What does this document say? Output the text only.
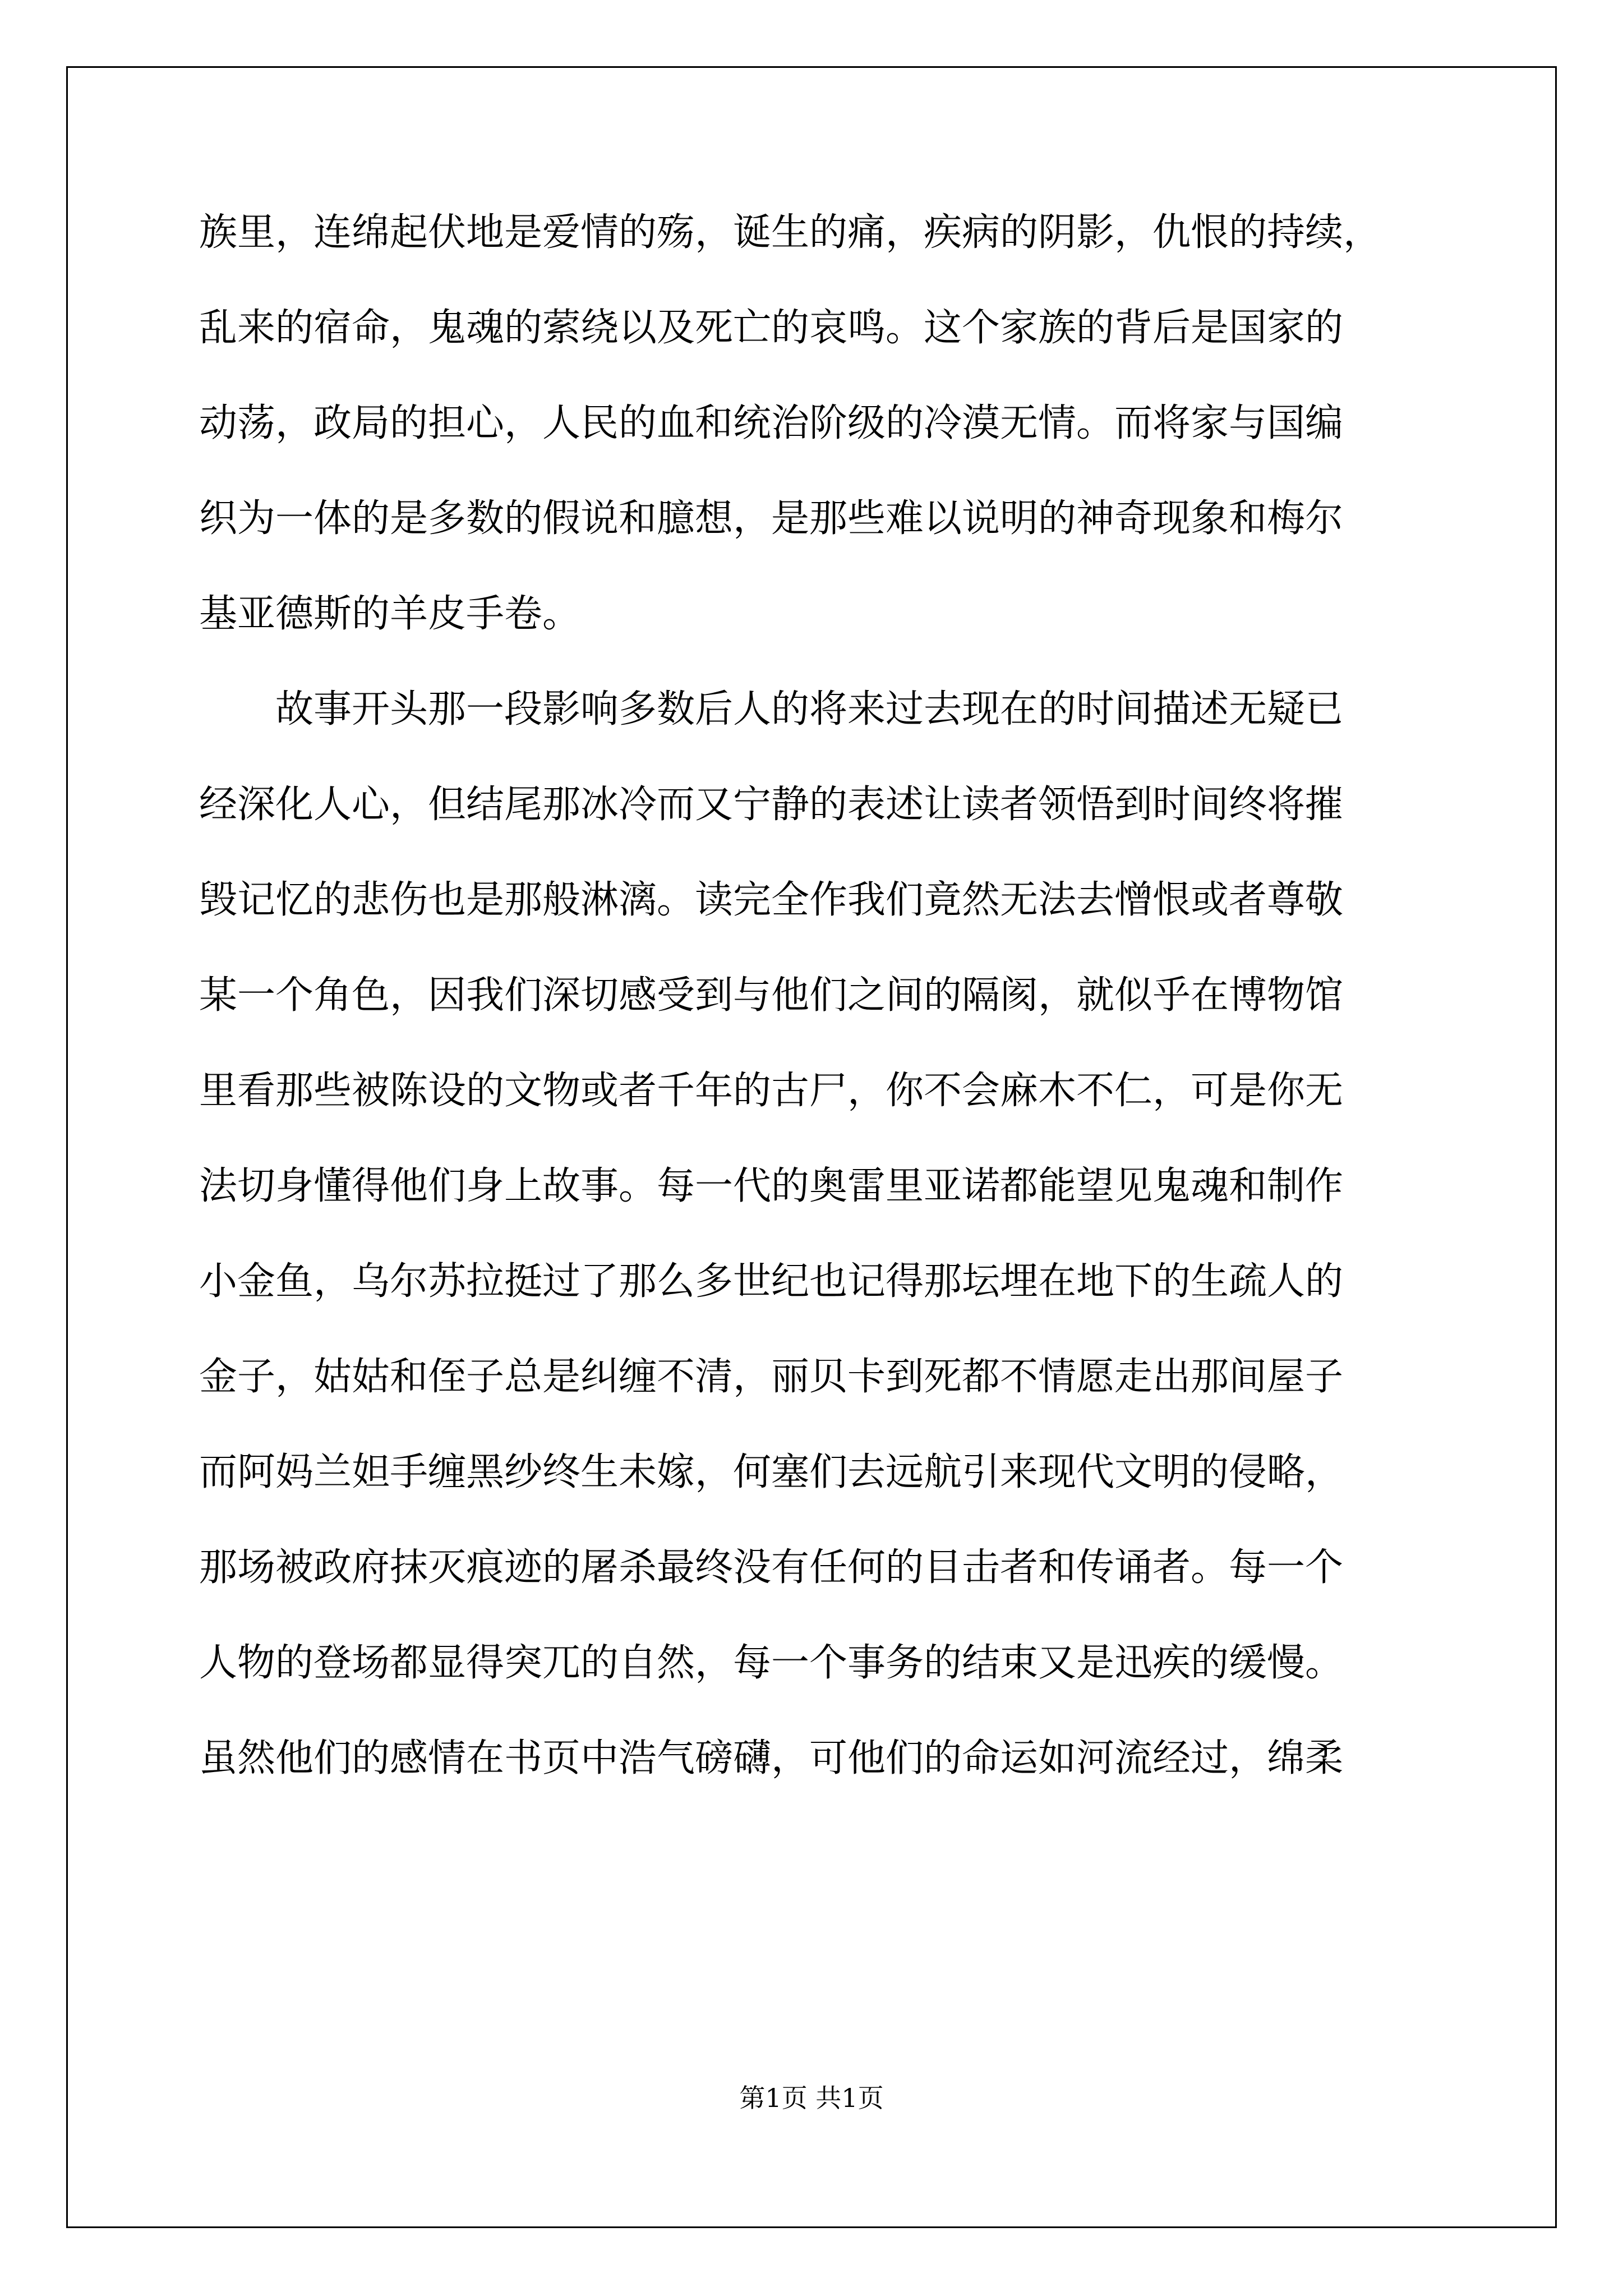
族里，连绵起伏地是爱情的殇，诞生的痛，疾病的阴影，仇恨的持续，
乱来的宿命，鬼魂的萦绕以及死亡的哀鸣。这个家族的背后是国家的
动荡，政局的担心，人民的血和统治阶级的冷漠无情。而将家与国编
织为一体的是多数的假说和臆想，是那些难以说明的神奇现象和梅尔
基亚德斯的羊皮手卷。
故事开头那一段影响多数后人的将来过去现在的时间描述无疑已
经深化人心，但结尾那冰冷而又宁静的表述让读者领悟到时间终将摧
毁记忆的悲伤也是那般淋漓。读完全作我们竟然无法去憎恨或者尊敬
某一个角色，因我们深切感受到与他们之间的隔阂，就似乎在博物馆
里看那些被陈设的文物或者千年的古尸，你不会麻木不仁，可是你无
法切身懂得他们身上故事。每一代的奥雷里亚诺都能望见鬼魂和制作
小金鱼，乌尔苏拉挺过了那么多世纪也记得那坛埋在地下的生疏人的
金子，姑姑和侄子总是纠缠不清，丽贝卡到死都不情愿走出那间屋子
而阿妈兰妲手缠黑纱终生未嫁，何塞们去远航引来现代文明的侵略，
那场被政府抹灭痕迹的屠杀最终没有任何的目击者和传诵者。每一个
人物的登场都显得突兀的自然，每一个事务的结束又是迅疾的缓慢。
虽然他们的感情在书页中浩气磅礴，可他们的命运如河流经过，绵柔
第1页 共1页
